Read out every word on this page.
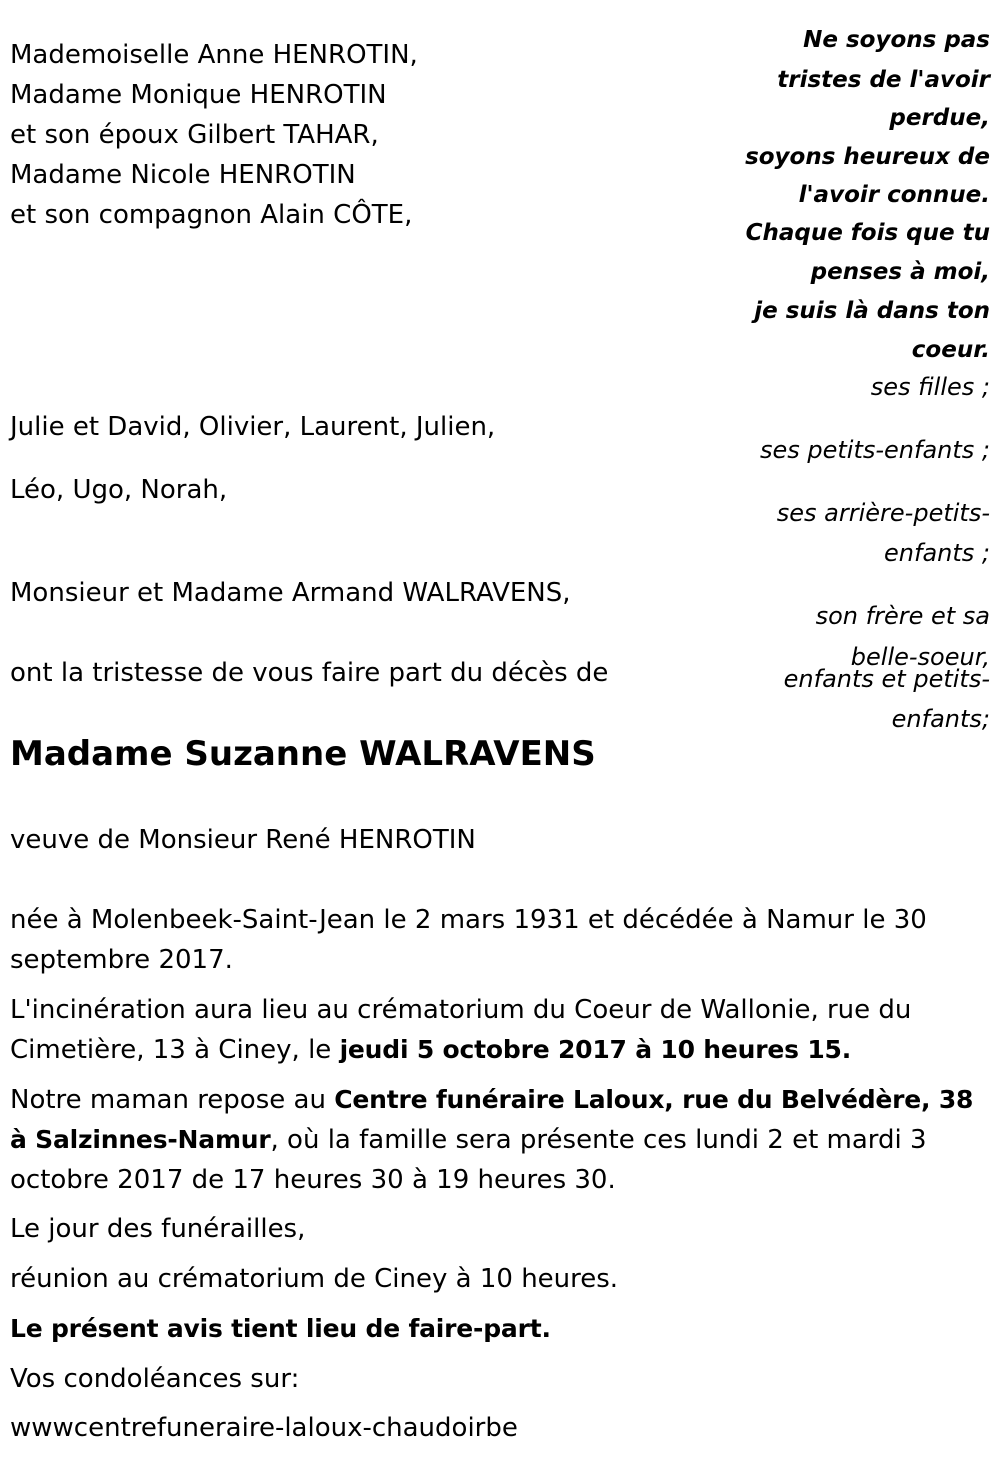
Ne soyons pas
tristes de l'avoir
perdue,
soyons heureux de
l'avoir connue.
Chaque fois que tu
penses à moi,
je suis là dans ton
coeur.
ses filles ;
ses petits-enfants ;
ses arrière-petits-
enfants ;
son frère et sa
belle-soeur,
enfants et petits-
enfants;
Mademoiselle Anne HENROTIN,
Madame Monique HENROTIN
et son époux Gilbert TAHAR,
Madame Nicole HENROTIN
et son compagnon Alain CÔTE,
Julie et David, Olivier, Laurent, Julien,
Léo, Ugo, Norah,
Monsieur et Madame Armand WALRAVENS,
ont la tristesse de vous faire part du décès de
Madame Suzanne WALRAVENS
veuve de Monsieur René HENROTIN
née à Molenbeek-Saint-Jean le 2 mars 1931 et décédée à Namur le 30
septembre 2017.
L'incinération aura lieu au crématorium du Coeur de Wallonie, rue du
Cimetière, 13 à Ciney, le jeudi 5 octobre 2017 à 10 heures 15.
Notre maman repose au Centre funéraire Laloux, rue du Belvédère, 38
à Salzinnes-Namur, où la famille sera présente ces lundi 2 et mardi 3
octobre 2017 de 17 heures 30 à 19 heures 30.
Le jour des funérailles,
réunion au crématorium de Ciney à 10 heures.
Le présent avis tient lieu de faire-part.
Vos condoléances sur:
wwwcentrefuneraire-laloux-chaudoirbe
